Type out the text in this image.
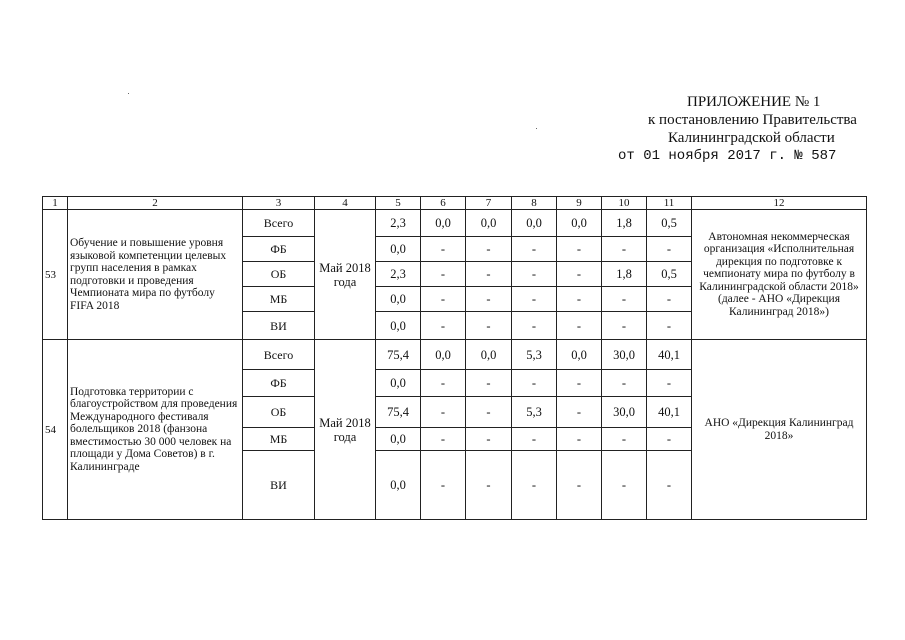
ПРИЛОЖЕНИЕ № 1
к постановлению Правительства
Калининградской области
от 01 ноября 2017 г. № 587
1	2	3	4	5	6	7	8	9	10	11	12
53	Обучение и повышение уровня языковой компетенции целевых групп населения в рамках подготовки и проведения Чемпионата мира по футболу FIFA 2018	Всего	Май 2018 года	2,3	0,0	0,0	0,0	0,0	1,8	0,5	Автономная некоммерческая организация «Исполнительная дирекция по подготовке к чемпионату мира по футболу в Калининградской области 2018» (далее - АНО «Дирекция Калининград 2018»)
		ФБ		0,0	-	-	-	-	-	-	
		ОБ		2,3	-	-	-	-	1,8	0,5	
		МБ		0,0	-	-	-	-	-	-	
		ВИ		0,0	-	-	-	-	-	-	
54	Подготовка территории с благоустройством для проведения Международного фестиваля болельщиков 2018 (фанзона вместимостью 30 000 человек на площади у Дома Советов) в г. Калининграде	Всего	Май 2018 года	75,4	0,0	0,0	5,3	0,0	30,0	40,1	АНО «Дирекция Калининград 2018»
		ФБ		0,0	-	-	-	-	-	-	
		ОБ		75,4	-	-	5,3	-	30,0	40,1	
		МБ		0,0	-	-	-	-	-	-	
		ВИ		0,0	-	-	-	-	-	-	
